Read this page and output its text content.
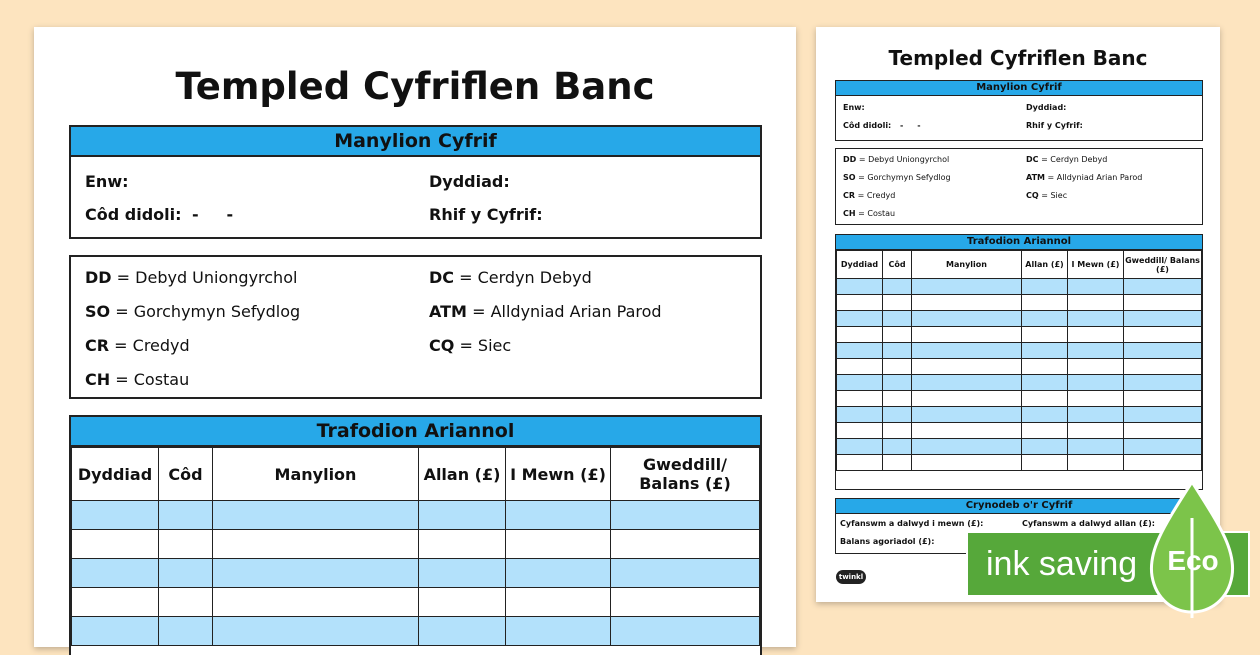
Templed Cyfriflen Banc
Manylion Cyfrif
Enw:	Dyddiad:
Côd didoli: -     -	Rhif y Cyfrif:
DD = Debyd Uniongyrchol	DC = Cerdyn Debyd
SO = Gorchymyn Sefydlog	ATM = Alldyniad Arian Parod
CR = Credyd	CQ = Siec
CH = Costau
Trafodion Ariannol
Dyddiad	Côd	Manylion	Allan (£)	I Mewn (£)	Gweddill/ Balans (£)

Templed Cyfriflen Banc
Manylion Cyfrif
Enw:	Dyddiad:
Côd didoli: -     -	Rhif y Cyfrif:
DD = Debyd Uniongyrchol	DC = Cerdyn Debyd
SO = Gorchymyn Sefydlog	ATM = Alldyniad Arian Parod
CR = Credyd	CQ = Siec
CH = Costau
Trafodion Ariannol
Dyddiad	Côd	Manylion	Allan (£)	I Mewn (£)	Gweddill/ Balans (£)

Crynodeb o'r Cyfrif
Cyfanswm a dalwyd i mewn (£):	Cyfanswm a dalwyd allan (£):
Balans agoriadol (£):
twinkl	ink saving Eco
